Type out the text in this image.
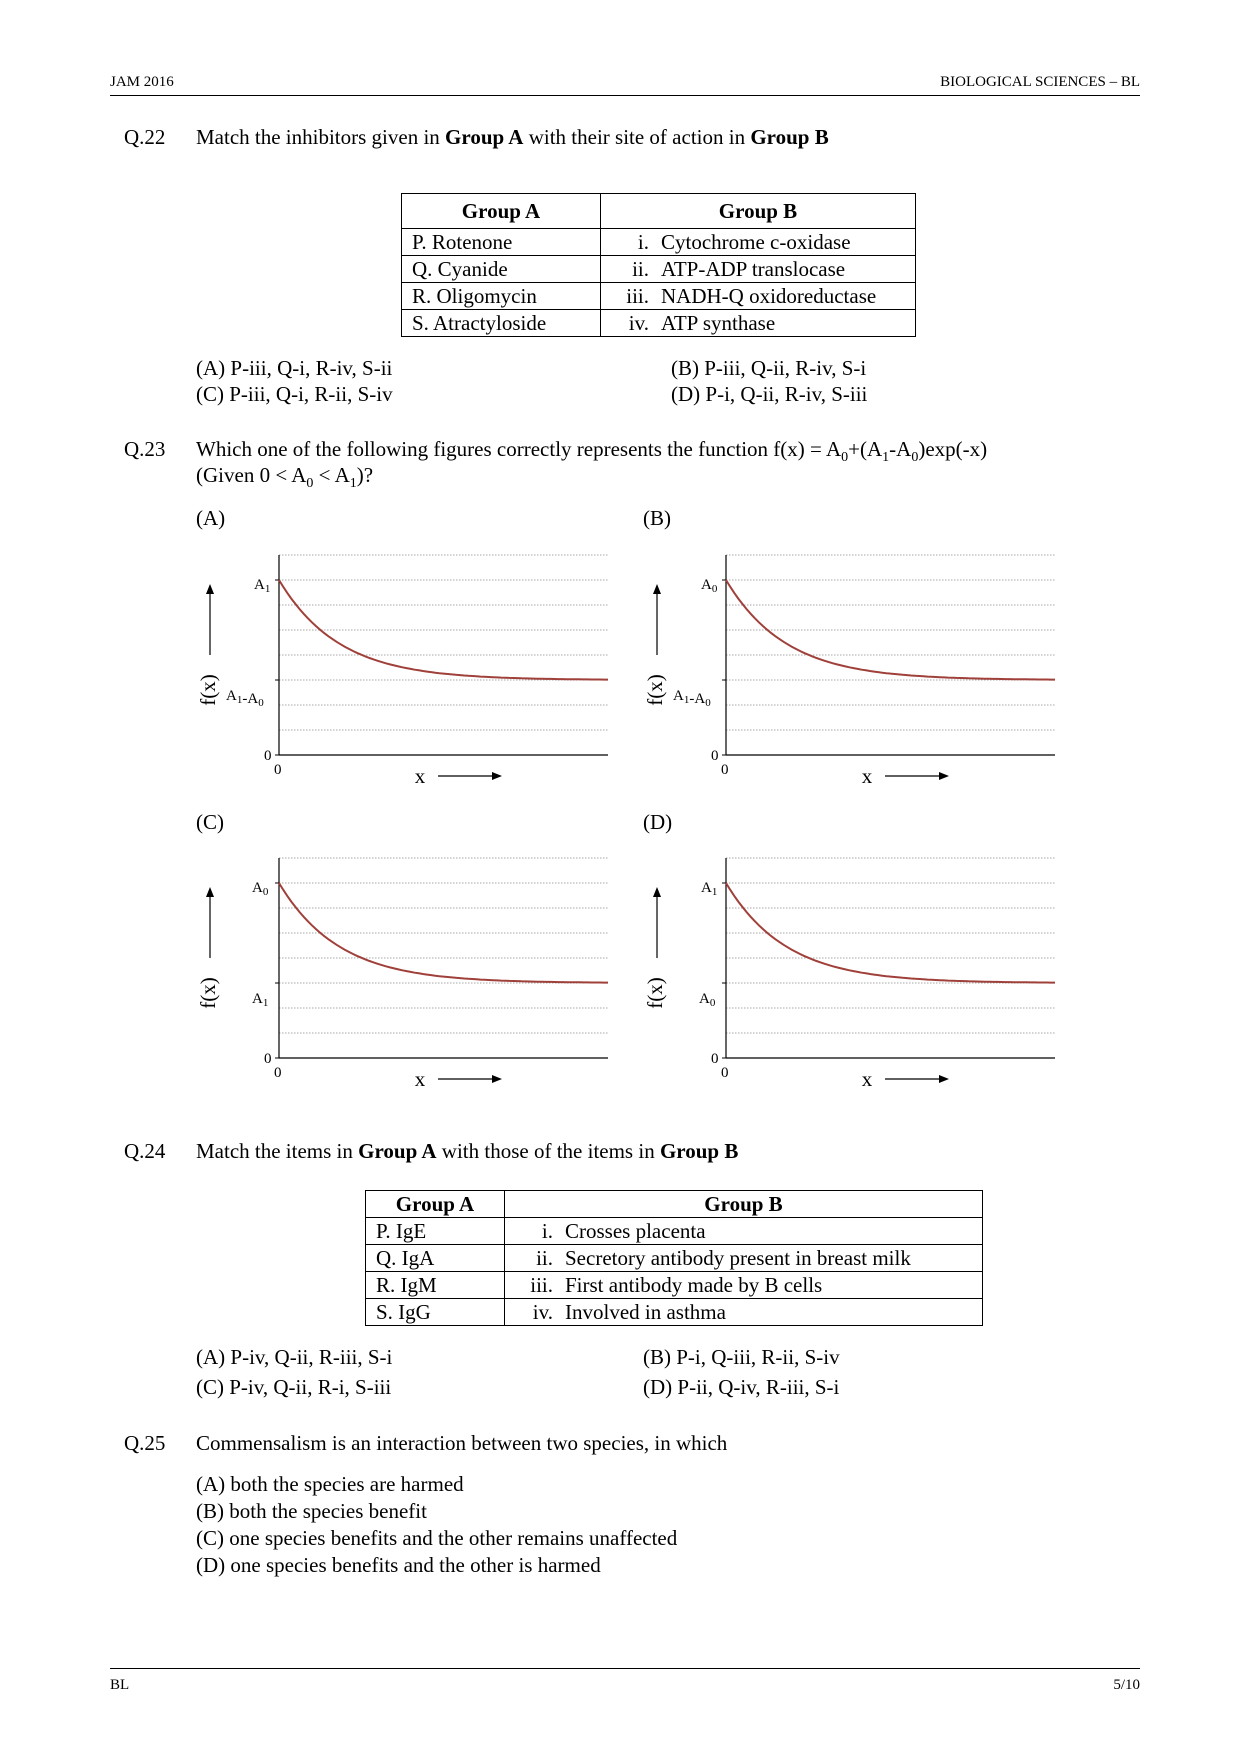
JAM 2016	BIOLOGICAL SCIENCES – BL
Q.22	Match the inhibitors given in Group A with their site of action in Group B
Group A	Group B
P. Rotenone	i. Cytochrome c-oxidase
Q. Cyanide	ii. ATP-ADP translocase
R. Oligomycin	iii. NADH-Q oxidoreductase
S. Atractyloside	iv. ATP synthase
(A) P-iii, Q-i, R-iv, S-ii	(B) P-iii, Q-ii, R-iv, S-i
(C) P-iii, Q-i, R-ii, S-iv	(D) P-i, Q-ii, R-iv, S-iii
Q.23	Which one of the following figures correctly represents the function $f(x) = A_0+(A_1-A_0)\exp(-x)$
(Given $0 < A_0 < A_1$)?
(A)	(B)
(C)	(D)
$A_1$
$A_1-A_0$
0
0
f(x)
x
$A_0$
$A_1-A_0$
0
0
f(x)
x
$A_0$
$A_1$
0
0
f(x)
x
$A_1$
$A_0$
0
0
f(x)
x
Q.24	Match the items in Group A with those of the items in Group B
Group A	Group B
P. IgE	i. Crosses placenta
Q. IgA	ii. Secretory antibody present in breast milk
R. IgM	iii. First antibody made by B cells
S. IgG	iv. Involved in asthma
(A) P-iv, Q-ii, R-iii, S-i	(B) P-i, Q-iii, R-ii, S-iv
(C) P-iv, Q-ii, R-i, S-iii	(D) P-ii, Q-iv, R-iii, S-i
Q.25	Commensalism is an interaction between two species, in which
(A) both the species are harmed
(B) both the species benefit
(C) one species benefits and the other remains unaffected
(D) one species benefits and the other is harmed
BL	5/10
